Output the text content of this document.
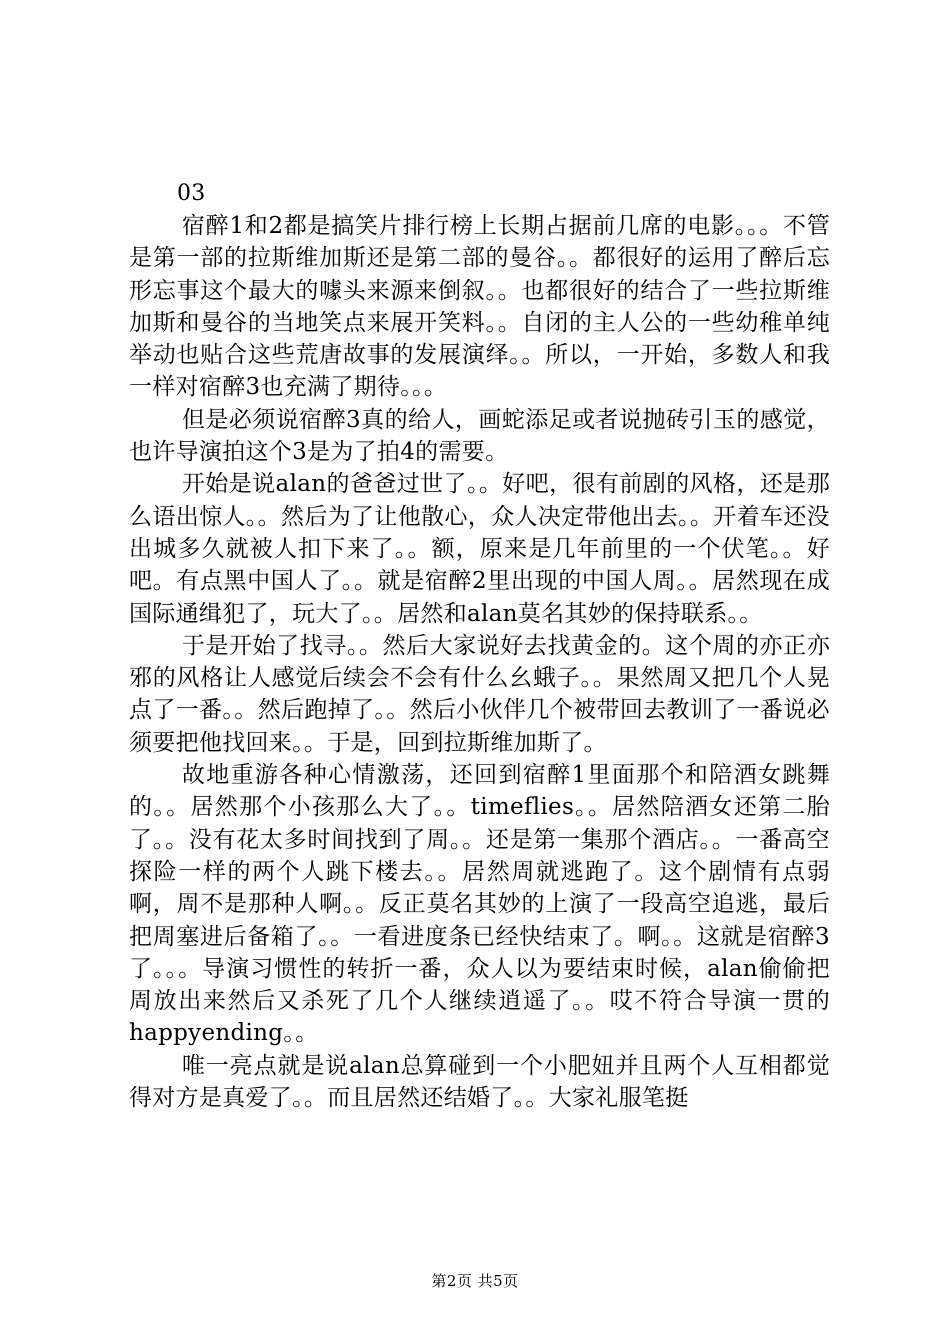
03

宿醉1和2都是搞笑片排行榜上长期占据前几席的电影。。。不管是第一部的拉斯维加斯还是第二部的曼谷。。都很好的运用了醉后忘形忘事这个最大的噱头来源来倒叙。。也都很好的结合了一些拉斯维加斯和曼谷的当地笑点来展开笑料。。自闭的主人公的一些幼稚单纯举动也贴合这些荒唐故事的发展演绎。。所以，一开始，多数人和我一样对宿醉3也充满了期待。。。

但是必须说宿醉3真的给人，画蛇添足或者说抛砖引玉的感觉，也许导演拍这个3是为了拍4的需要。

开始是说alan的爸爸过世了。。好吧，很有前剧的风格，还是那么语出惊人。。然后为了让他散心，众人决定带他出去。。开着车还没出城多久就被人扣下来了。。额，原来是几年前里的一个伏笔。。好吧。有点黑中国人了。。就是宿醉2里出现的中国人周。。居然现在成国际通缉犯了，玩大了。。居然和alan莫名其妙的保持联系。。

于是开始了找寻。。然后大家说好去找黄金的。这个周的亦正亦邪的风格让人感觉后续会不会有什么幺蛾子。。果然周又把几个人晃点了一番。。然后跑掉了。。然后小伙伴几个被带回去教训了一番说必须要把他找回来。。于是，回到拉斯维加斯了。

故地重游各种心情激荡，还回到宿醉1里面那个和陪酒女跳舞的。。居然那个小孩那么大了。。timeflies。。居然陪酒女还第二胎了。。没有花太多时间找到了周。。还是第一集那个酒店。。一番高空探险一样的两个人跳下楼去。。居然周就逃跑了。这个剧情有点弱啊，周不是那种人啊。。反正莫名其妙的上演了一段高空追逃，最后把周塞进后备箱了。。一看进度条已经快结束了。啊。。这就是宿醉3了。。。导演习惯性的转折一番，众人以为要结束时候，alan偷偷把周放出来然后又杀死了几个人继续逍遥了。。哎不符合导演一贯的happyending。。

唯一亮点就是说alan总算碰到一个小肥妞并且两个人互相都觉得对方是真爱了。。而且居然还结婚了。。大家礼服笔挺

第2页 共5页
